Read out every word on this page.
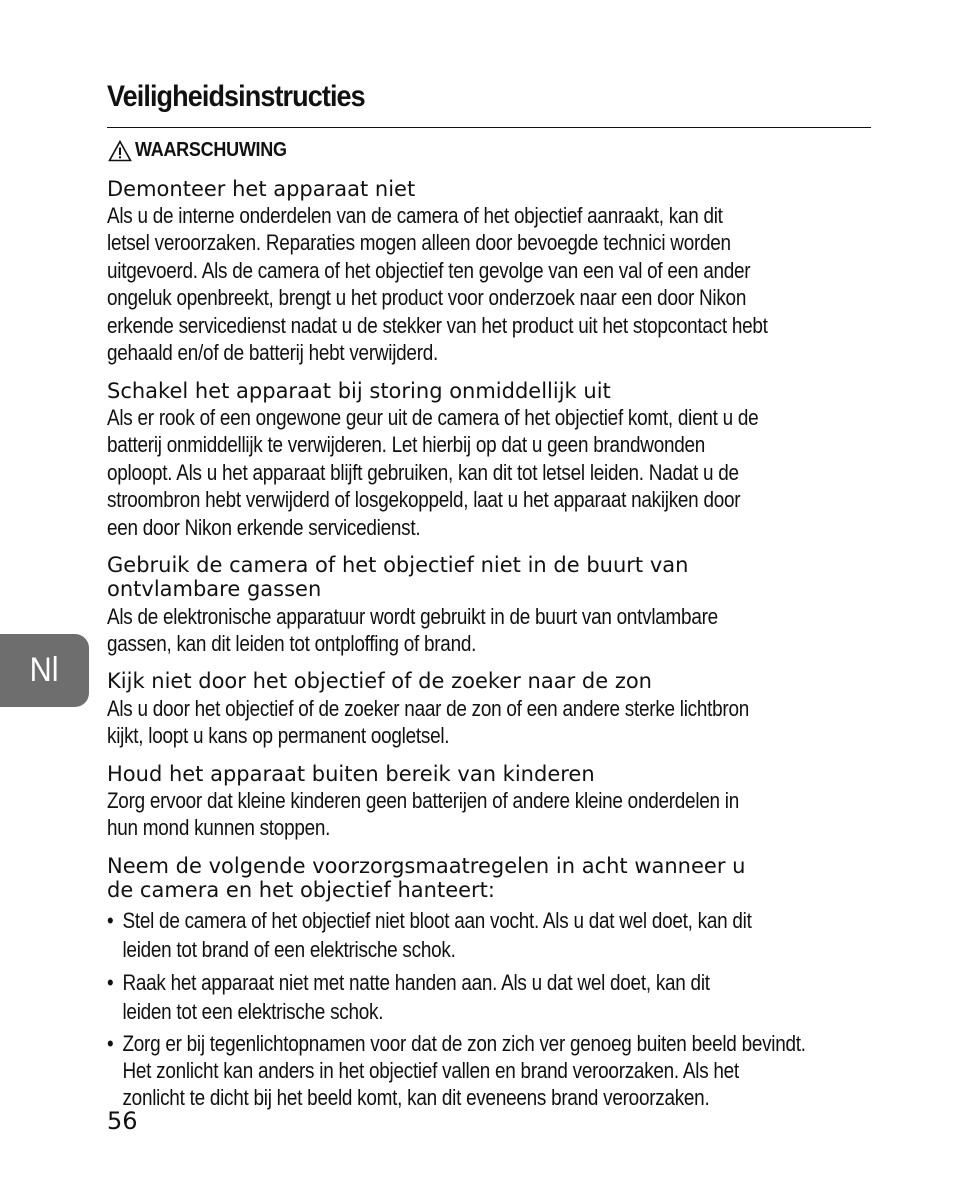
Veiligheidsinstructies
WAARSCHUWING
Demonteer het apparaat niet
Als u de interne onderdelen van de camera of het objectief aanraakt, kan dit
letsel veroorzaken. Reparaties mogen alleen door bevoegde technici worden
uitgevoerd. Als de camera of het objectief ten gevolge van een val of een ander
ongeluk openbreekt, brengt u het product voor onderzoek naar een door Nikon
erkende servicedienst nadat u de stekker van het product uit het stopcontact hebt
gehaald en/of de batterij hebt verwijderd.
Schakel het apparaat bij storing onmiddellijk uit
Als er rook of een ongewone geur uit de camera of het objectief komt, dient u de
batterij onmiddellijk te verwijderen. Let hierbij op dat u geen brandwonden
oploopt. Als u het apparaat blijft gebruiken, kan dit tot letsel leiden. Nadat u de
stroombron hebt verwijderd of losgekoppeld, laat u het apparaat nakijken door
een door Nikon erkende servicedienst.
Gebruik de camera of het objectief niet in de buurt van
ontvlambare gassen
Als de elektronische apparatuur wordt gebruikt in de buurt van ontvlambare
gassen, kan dit leiden tot ontploffing of brand.
Kijk niet door het objectief of de zoeker naar de zon
Als u door het objectief of de zoeker naar de zon of een andere sterke lichtbron
kijkt, loopt u kans op permanent oogletsel.
Houd het apparaat buiten bereik van kinderen
Zorg ervoor dat kleine kinderen geen batterijen of andere kleine onderdelen in
hun mond kunnen stoppen.
Neem de volgende voorzorgsmaatregelen in acht wanneer u
de camera en het objectief hanteert:
• Stel de camera of het objectief niet bloot aan vocht. Als u dat wel doet, kan dit
leiden tot brand of een elektrische schok.
• Raak het apparaat niet met natte handen aan. Als u dat wel doet, kan dit
leiden tot een elektrische schok.
• Zorg er bij tegenlichtopnamen voor dat de zon zich ver genoeg buiten beeld bevindt.
Het zonlicht kan anders in het objectief vallen en brand veroorzaken. Als het
zonlicht te dicht bij het beeld komt, kan dit eveneens brand veroorzaken.
Nl
56
